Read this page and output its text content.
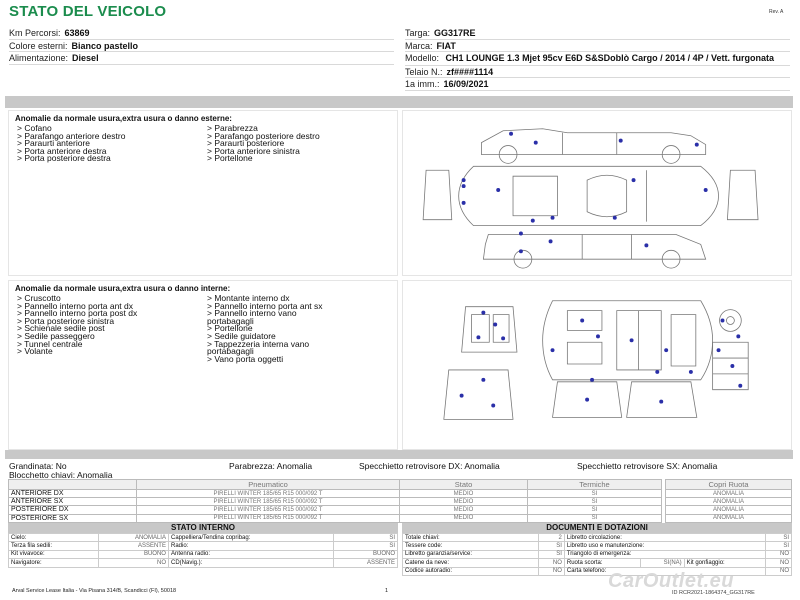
STATO DEL VEICOLO	Rev. A
Km Percorsi: 63869
Colore esterni: Bianco pastello
Alimentazione: Diesel
Targa: GG317RE
Marca: FIAT
Modello: CH1 LOUNGE 1.3 Mjet 95cv E6D S&SDoblò Cargo / 2014 / 4P / Vett. furgonata
Telaio N.: zf####1114
1a imm.: 16/09/2021
Anomalie da normale usura,extra usura o danno esterne:
> Cofano
> Parafango anteriore destro
> Paraurti anteriore
> Porta anteriore destra
> Porta posteriore destra
> Parabrezza
> Parafango posteriore destro
> Paraurti posteriore
> Porta anteriore sinistra
> Portellone
Anomalie da normale usura,extra usura o danno interne:
> Cruscotto
> Pannello interno porta ant dx
> Pannello interno porta post dx
> Porta posteriore sinistra
> Schienale sedile post
> Sedile passeggero
> Tunnel centrale
> Volante
> Montante interno dx
> Pannello interno porta ant sx
> Pannello interno vano
portabagagli
> Portellone
> Sedile guidatore
> Tappezzeria interna vano
portabagagli
> Vano porta oggetti
Grandinata: No	Parabrezza: Anomalia	Specchietto retrovisore DX: Anomalia	Specchietto retrovisore SX: Anomalia
Blocchetto chiavi: Anomalia
	Pneumatico	Stato	Termiche
ANTERIORE DX	PIRELLI WINTER 185/65 R15 000/092 T	MEDIO	SI
ANTERIORE SX	PIRELLI WINTER 185/65 R15 000/092 T	MEDIO	SI
POSTERIORE DX	PIRELLI WINTER 185/65 R15 000/092 T	MEDIO	SI
POSTERIORE SX	PIRELLI WINTER 185/65 R15 000/092 T	MEDIO	SI
Copri Ruota
ANOMALIA
ANOMALIA
ANOMALIA
ANOMALIA
STATO INTERNO
Cielo:	ANOMALIA	Cappelliera/Tendina copribag:	SI
Terza fila sedili:	ASSENTE	Radio:	SI
Kit vivavoce:	BUONO	Antenna radio:	BUONO
Navigatore:	NO	CD(Navig.):	ASSENTE
DOCUMENTI E DOTAZIONI
Totale chiavi:	2	Libretto circolazione:			SI
Tessere code:	SI	Libretto uso e manutenzione:			SI
Libretto garanzia/service:	SI	Triangolo di emergenza:			NO
Catene da neve:	NO	Ruota scorta:	SI(NA)	Kit gonfiaggio:	NO
Codice autoradio:	NO	Carta telefono:			NO
Arval Service Lease Italia - Via Pisana 314/B, Scandicci (FI), 50018	1	CarOutlet.eu
ID RCR2021-1864374_GG317RE
